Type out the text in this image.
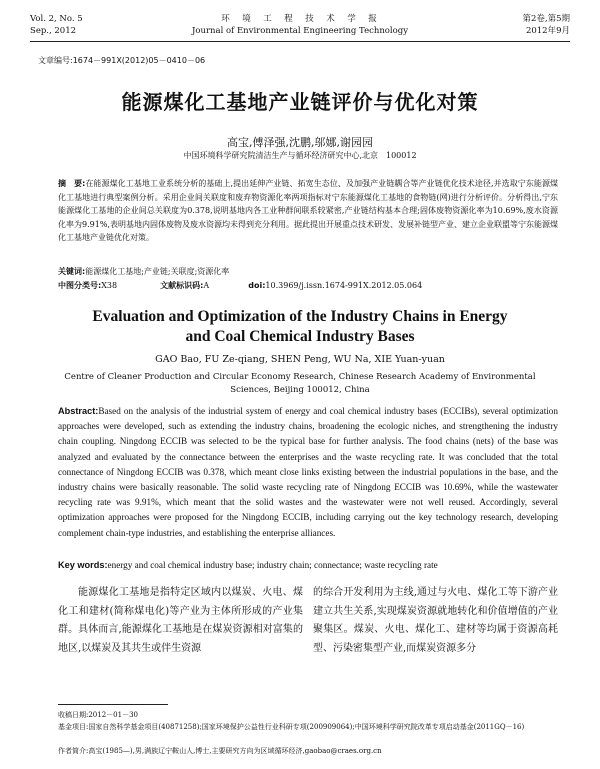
Vol. 2, No. 5
Sep., 2012
环　境　工　程　技　术　学　报
Journal of Environmental Engineering Technology
第2卷,第5期
2012年9月
文章编号:1674－991X(2012)05－0410－06
能源煤化工基地产业链评价与优化对策
高宝,傅泽强,沈鹏,邬娜,谢园园
中国环境科学研究院清洁生产与循环经济研究中心,北京　100012

摘　要:在能源煤化工基地工业系统分析的基础上,提出延伸产业链、拓宽生态位、及加强产业链耦合等产业链优化技术途径,并选取宁东能源煤化工基地进行典型案例分析。采用企业间关联度和废弃物资源化率两项指标对宁东能源煤化工基地的食物链(网)进行分析评价。分析得出,宁东能源煤化工基地的企业间总关联度为0.378,说明基地内各工业种群间联系较紧密,产业链结构基本合理;固体废物资源化率为10.69%,废水资源化率为9.91%,表明基地内固体废物及废水资源均未得到充分利用。据此提出开展重点技术研发、发展补链型产业、建立企业联盟等宁东能源煤化工基地产业链优化对策。

关键词:能源煤化工基地;产业链;关联度;资源化率
中图分类号:X38	文献标识码:A	doi:10.3969/j.issn.1674-991X.2012.05.064
Evaluation and Optimization of the Industry Chains in Energy
and Coal Chemical Industry Bases
GAO Bao, FU Ze-qiang, SHEN Peng, WU Na, XIE Yuan-yuan
Centre of Cleaner Production and Circular Economy Research, Chinese Research Academy of Environmental
Sciences, Beijing 100012, China

Abstract:Based on the analysis of the industrial system of energy and coal chemical industry bases (ECCIBs), several optimization approaches were developed, such as extending the industry chains, broadening the ecologic niches, and strengthening the industry chain coupling. Ningdong ECCIB was selected to be the typical base for further analysis. The food chains (nets) of the base was analyzed and evaluated by the connectance between the enterprises and the waste recycling rate. It was concluded that the total connectance of Ningdong ECCIB was 0.378, which meant close links existing between the industrial populations in the base, and the industry chains were basically reasonable. The solid waste recycling rate of Ningdong ECCIB was 10.69%, while the wastewater recycling rate was 9.91%, which meant that the solid wastes and the wastewater were not well reused. Accordingly, several optimization approaches were proposed for the Ningdong ECCIB, including carrying out the key technology research, developing complement chain-type industries, and establishing the enterprise alliances.

Key words:energy and coal chemical industry base; industry chain; connectance; waste recycling rate

能源煤化工基地是指特定区域内以煤炭、火电、煤化工和建材(简称煤电化)等产业为主体所形成的产业集群。具体而言,能源煤化工基地是在煤炭资源相对富集的地区,以煤炭及其共生或伴生资源

的综合开发利用为主线,通过与火电、煤化工等下游产业建立共生关系,实现煤炭资源就地转化和价值增值的产业聚集区。煤炭、火电、煤化工、建材等均属于资源高耗型、污染密集型产业,而煤炭资源多分

收稿日期:2012－01－30

基金项目:国家自然科学基金项目(40871258);国家环境保护公益性行业科研专项(200909064);中国环境科学研究院改革专项启动基金(2011GQ－16)

作者简介:高宝(1985—),男,满族辽宁鞍山人,博士,主要研究方向为区域循环经济,gaobao@craes.org.cn
